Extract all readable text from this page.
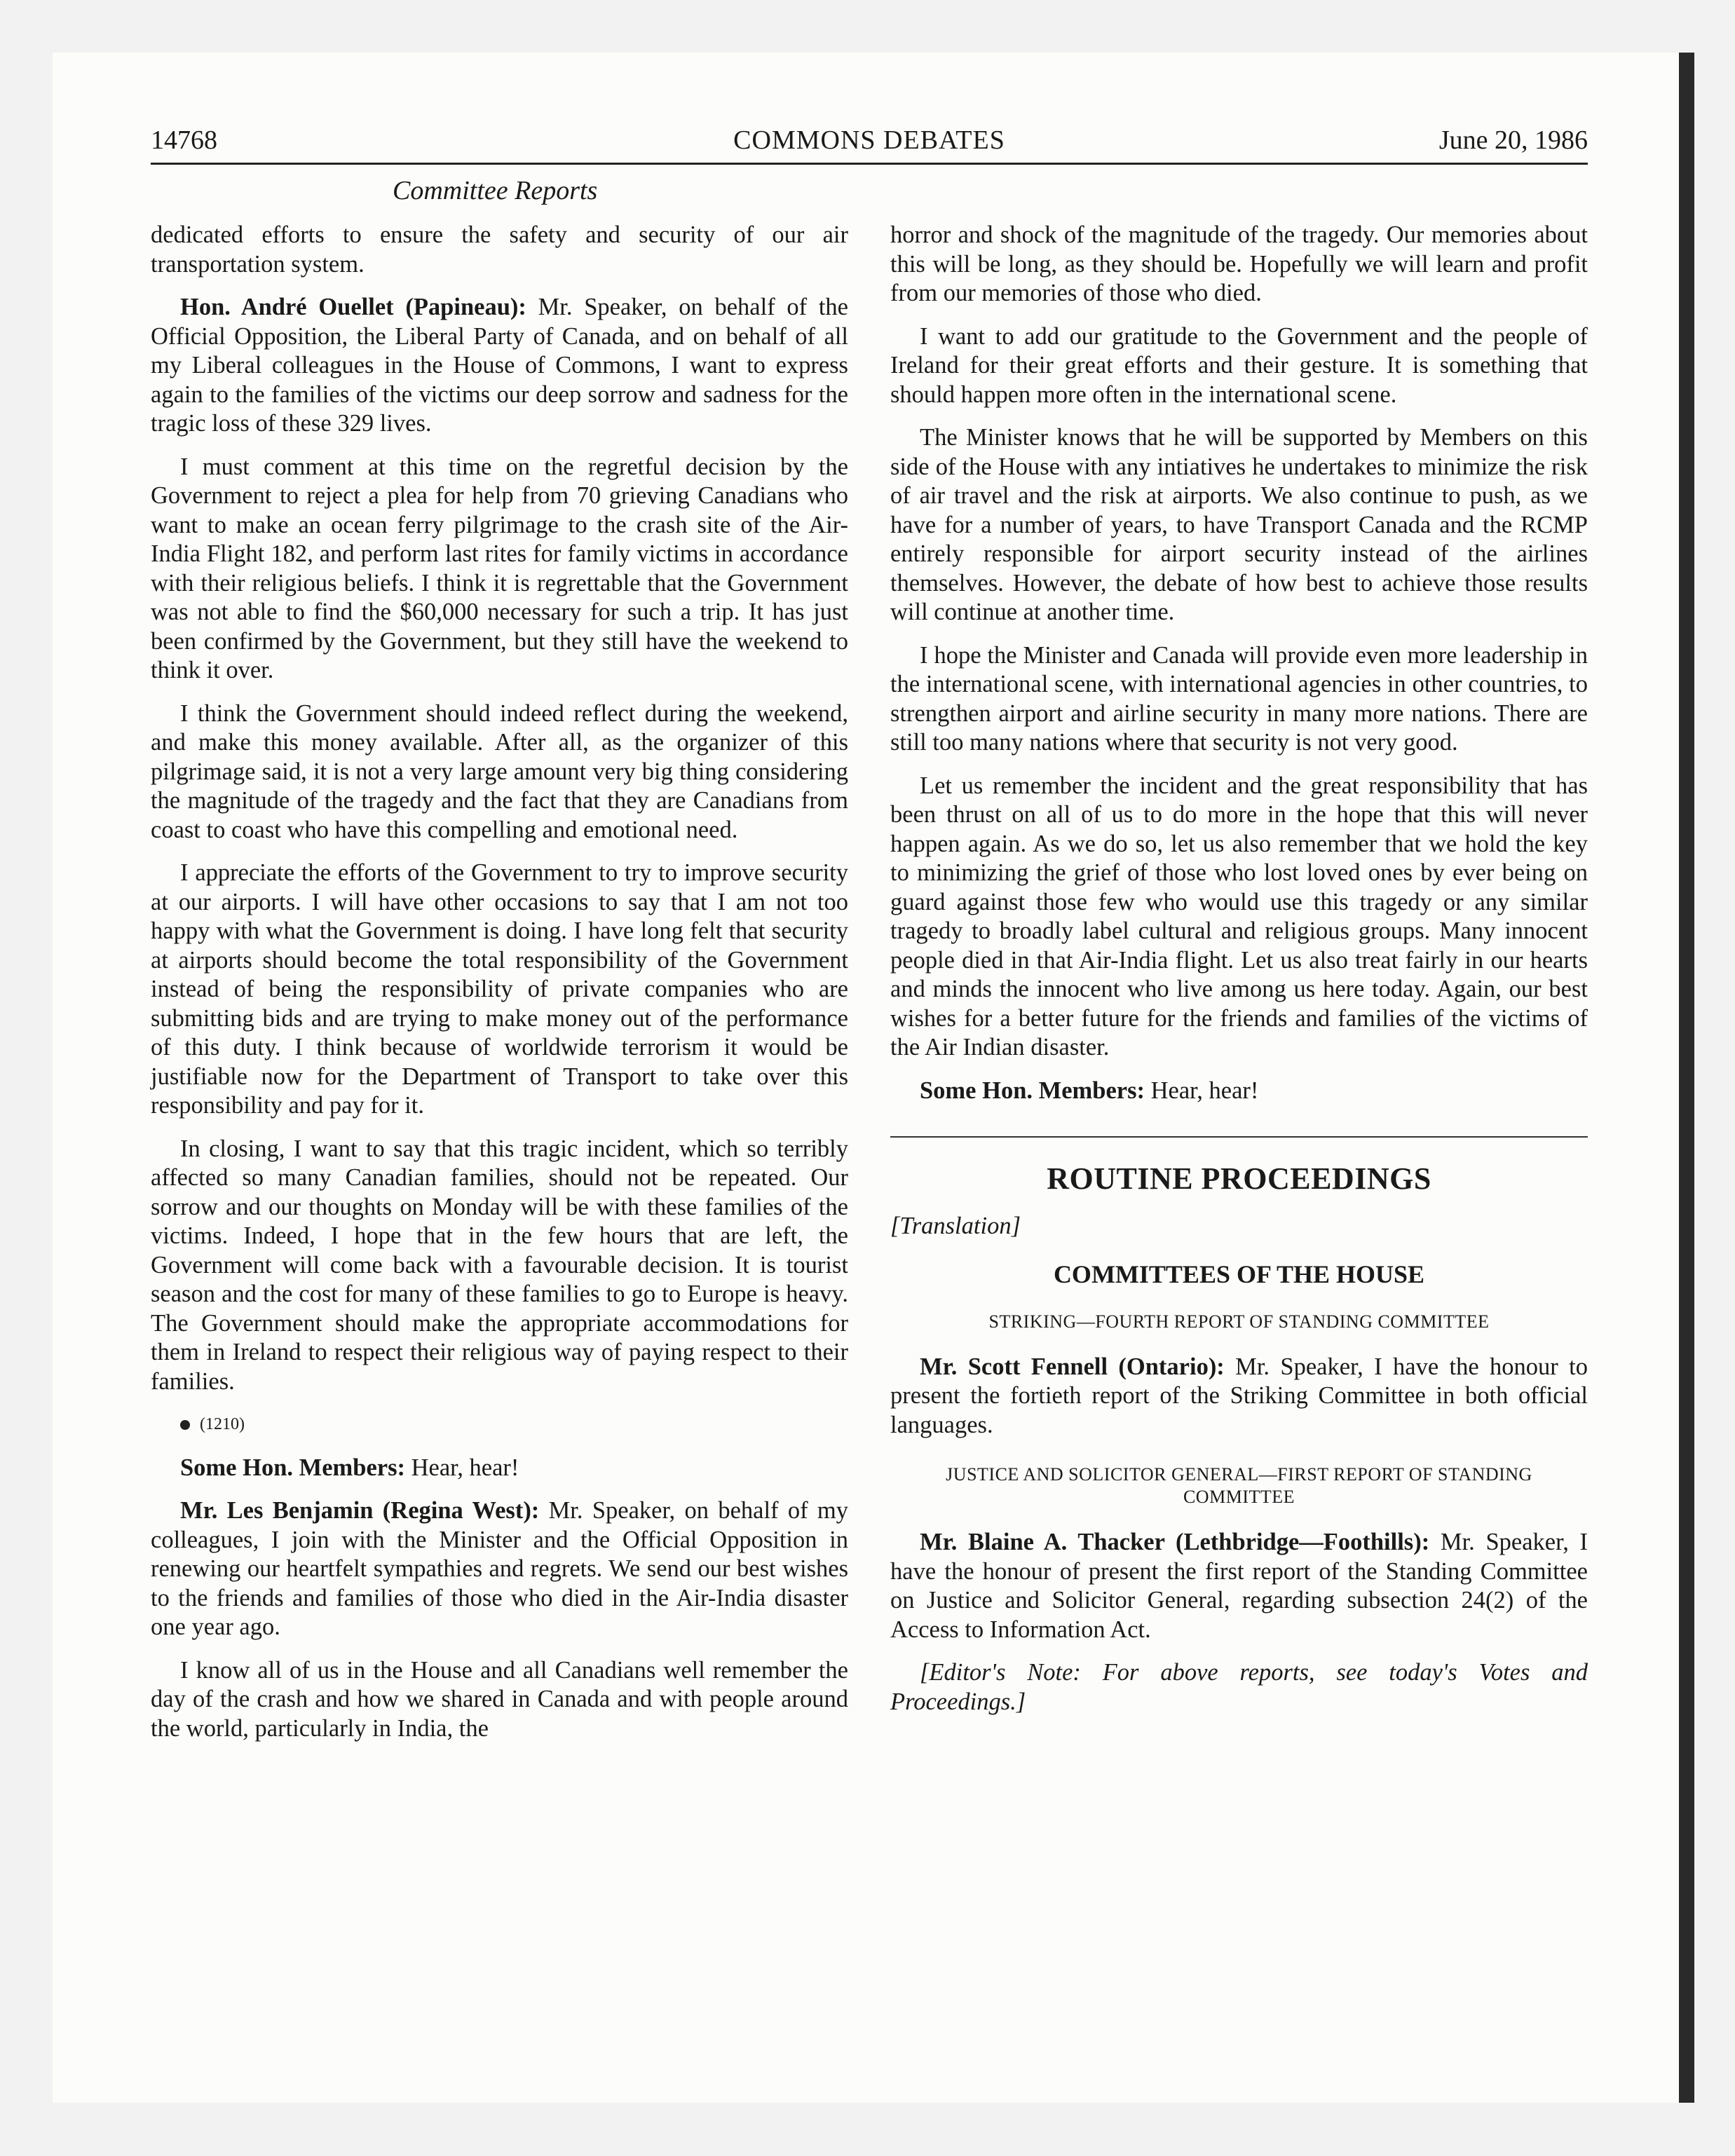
14768	COMMONS DEBATES	June 20, 1986
Committee Reports

dedicated efforts to ensure the safety and security of our air transportation system.

Hon. André Ouellet (Papineau): Mr. Speaker, on behalf of the Official Opposition, the Liberal Party of Canada, and on behalf of all my Liberal colleagues in the House of Commons, I want to express again to the families of the victims our deep sorrow and sadness for the tragic loss of these 329 lives.

I must comment at this time on the regretful decision by the Government to reject a plea for help from 70 grieving Canadians who want to make an ocean ferry pilgrimage to the crash site of the Air-India Flight 182, and perform last rites for family victims in accordance with their religious beliefs. I think it is regrettable that the Government was not able to find the $60,000 necessary for such a trip. It has just been confirmed by the Government, but they still have the weekend to think it over.

I think the Government should indeed reflect during the weekend, and make this money available. After all, as the organizer of this pilgrimage said, it is not a very large amount very big thing considering the magnitude of the tragedy and the fact that they are Canadians from coast to coast who have this compelling and emotional need.

I appreciate the efforts of the Government to try to improve security at our airports. I will have other occasions to say that I am not too happy with what the Government is doing. I have long felt that security at airports should become the total responsibility of the Government instead of being the responsibility of private companies who are submitting bids and are trying to make money out of the performance of this duty. I think because of worldwide terrorism it would be justifiable now for the Department of Transport to take over this responsibility and pay for it.

In closing, I want to say that this tragic incident, which so terribly affected so many Canadian families, should not be repeated. Our sorrow and our thoughts on Monday will be with these families of the victims. Indeed, I hope that in the few hours that are left, the Government will come back with a favourable decision. It is tourist season and the cost for many of these families to go to Europe is heavy. The Government should make the appropriate accommodations for them in Ireland to respect their religious way of paying respect to their families.

(1210)

Some Hon. Members: Hear, hear!

Mr. Les Benjamin (Regina West): Mr. Speaker, on behalf of my colleagues, I join with the Minister and the Official Opposition in renewing our heartfelt sympathies and regrets. We send our best wishes to the friends and families of those who died in the Air-India disaster one year ago.

I know all of us in the House and all Canadians well remember the day of the crash and how we shared in Canada and with people around the world, particularly in India, the

horror and shock of the magnitude of the tragedy. Our memories about this will be long, as they should be. Hopefully we will learn and profit from our memories of those who died.

I want to add our gratitude to the Government and the people of Ireland for their great efforts and their gesture. It is something that should happen more often in the international scene.

The Minister knows that he will be supported by Members on this side of the House with any intiatives he undertakes to minimize the risk of air travel and the risk at airports. We also continue to push, as we have for a number of years, to have Transport Canada and the RCMP entirely responsible for airport security instead of the airlines themselves. However, the debate of how best to achieve those results will continue at another time.

I hope the Minister and Canada will provide even more leadership in the international scene, with international agencies in other countries, to strengthen airport and airline security in many more nations. There are still too many nations where that security is not very good.

Let us remember the incident and the great responsibility that has been thrust on all of us to do more in the hope that this will never happen again. As we do so, let us also remember that we hold the key to minimizing the grief of those who lost loved ones by ever being on guard against those few who would use this tragedy or any similar tragedy to broadly label cultural and religious groups. Many innocent people died in that Air-India flight. Let us also treat fairly in our hearts and minds the innocent who live among us here today. Again, our best wishes for a better future for the friends and families of the victims of the Air Indian disaster.

Some Hon. Members: Hear, hear!

ROUTINE PROCEEDINGS
[Translation]
COMMITTEES OF THE HOUSE
STRIKING—FOURTH REPORT OF STANDING COMMITTEE

Mr. Scott Fennell (Ontario): Mr. Speaker, I have the honour to present the fortieth report of the Striking Committee in both official languages.

JUSTICE AND SOLICITOR GENERAL—FIRST REPORT OF STANDING COMMITTEE

Mr. Blaine A. Thacker (Lethbridge—Foothills): Mr. Speaker, I have the honour of present the first report of the Standing Committee on Justice and Solicitor General, regarding subsection 24(2) of the Access to Information Act.

[Editor's Note: For above reports, see today's Votes and Proceedings.]
